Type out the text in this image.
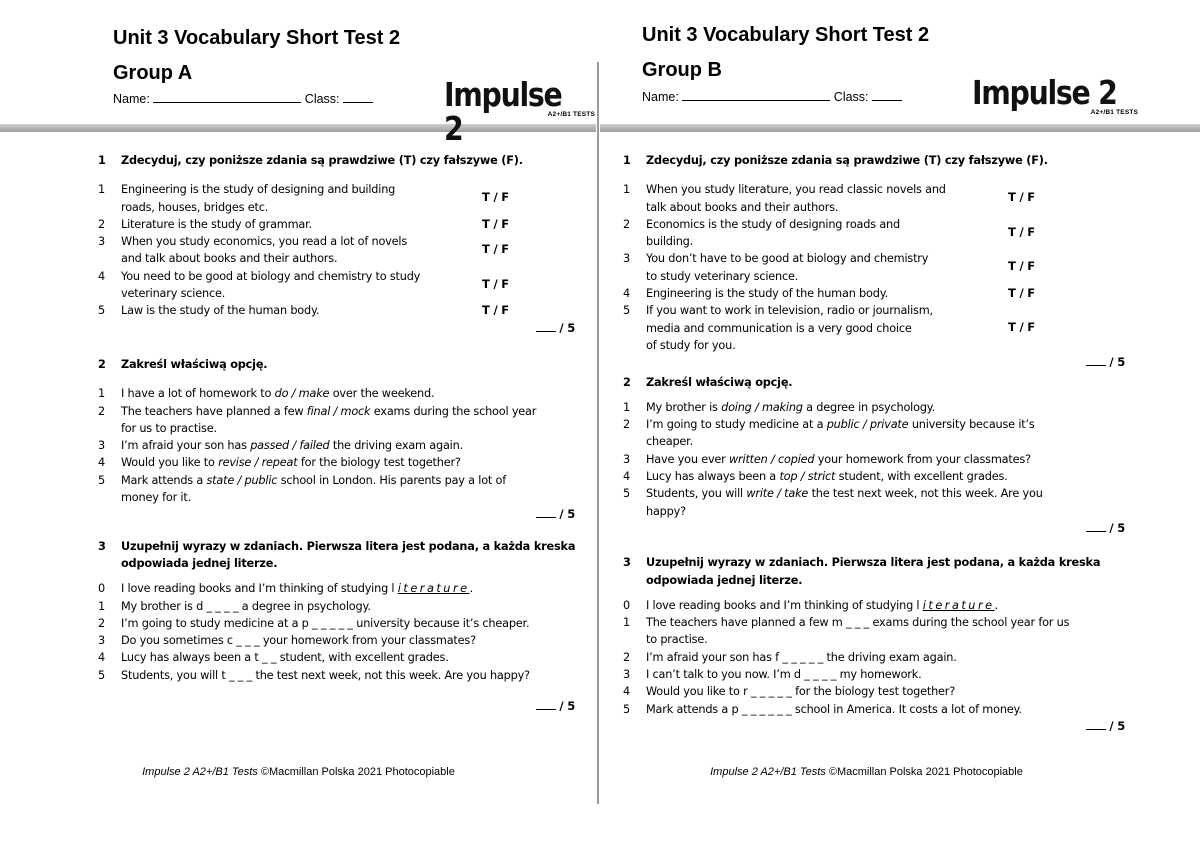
Unit 3 Vocabulary Short Test 2
Group A
Name:	Class:	Impulse 2	A2+/B1 TESTS
1 Zdecyduj, czy poniższe zdania są prawdziwe (T) czy fałszywe (F).
1 Engineering is the study of designing and building
roads, houses, bridges etc.
T / F
2 Literature is the study of grammar.	T / F
3 When you study economics, you read a lot of novels
and talk about books and their authors.
T / F
4 You need to be good at biology and chemistry to study
veterinary science.
T / F
5 Law is the study of the human body.	T / F
/ 5
2 Zakreśl właściwą opcję.
1 I have a lot of homework to do / make over the weekend.
2 The teachers have planned a few final / mock exams during the school year
for us to practise.
3 I’m afraid your son has passed / failed the driving exam again.
4 Would you like to revise / repeat for the biology test together?
5 Mark attends a state / public school in London. His parents pay a lot of
money for it.
/ 5
3 Uzupełnij wyrazy w zdaniach. Pierwsza litera jest podana, a każda kreska
odpowiada jednej literze.
0 I love reading books and I’m thinking of studying l iterature.
1 My brother is d _ _ _ _ a degree in psychology.
2 I’m going to study medicine at a p _ _ _ _ _ university because it’s cheaper.
3 Do you sometimes c _ _ _ your homework from your classmates?
4 Lucy has always been a t _ _ student, with excellent grades.
5 Students, you will t _ _ _ the test next week, not this week. Are you happy?
/ 5
Impulse 2 A2+/B1 Tests ©Macmillan Polska 2021 Photocopiable
Unit 3 Vocabulary Short Test 2
Group B
Name:	Class:	Impulse 2
A2+/B1 TESTS
1 Zdecyduj, czy poniższe zdania są prawdziwe (T) czy fałszywe (F).
1 When you study literature, you read classic novels and
talk about books and their authors.
T / F
2 Economics is the study of designing roads and
building.
T / F
3 You don’t have to be good at biology and chemistry
to study veterinary science.
T / F
4 Engineering is the study of the human body.	T / F
5 If you want to work in television, radio or journalism,
media and communication is a very good choice
of study for you.
T / F
/ 5
2 Zakreśl właściwą opcję.
1 My brother is doing / making a degree in psychology.
2 I’m going to study medicine at a public / private university because it’s
cheaper.
3 Have you ever written / copied your homework from your classmates?
4 Lucy has always been a top / strict student, with excellent grades.
5 Students, you will write / take the test next week, not this week. Are you
happy?
/ 5
3 Uzupełnij wyrazy w zdaniach. Pierwsza litera jest podana, a każda kreska
odpowiada jednej literze.
0 I love reading books and I’m thinking of studying l iterature.
1 The teachers have planned a few m _ _ _ exams during the school year for us
to practise.
2 I’m afraid your son has f _ _ _ _ _ the driving exam again.
3 I can’t talk to you now. I’m d _ _ _ _ my homework.
4 Would you like to r _ _ _ _ _ for the biology test together?
5 Mark attends a p _ _ _ _ _ _ school in America. It costs a lot of money.
/ 5
Impulse 2 A2+/B1 Tests ©Macmillan Polska 2021 Photocopiable
